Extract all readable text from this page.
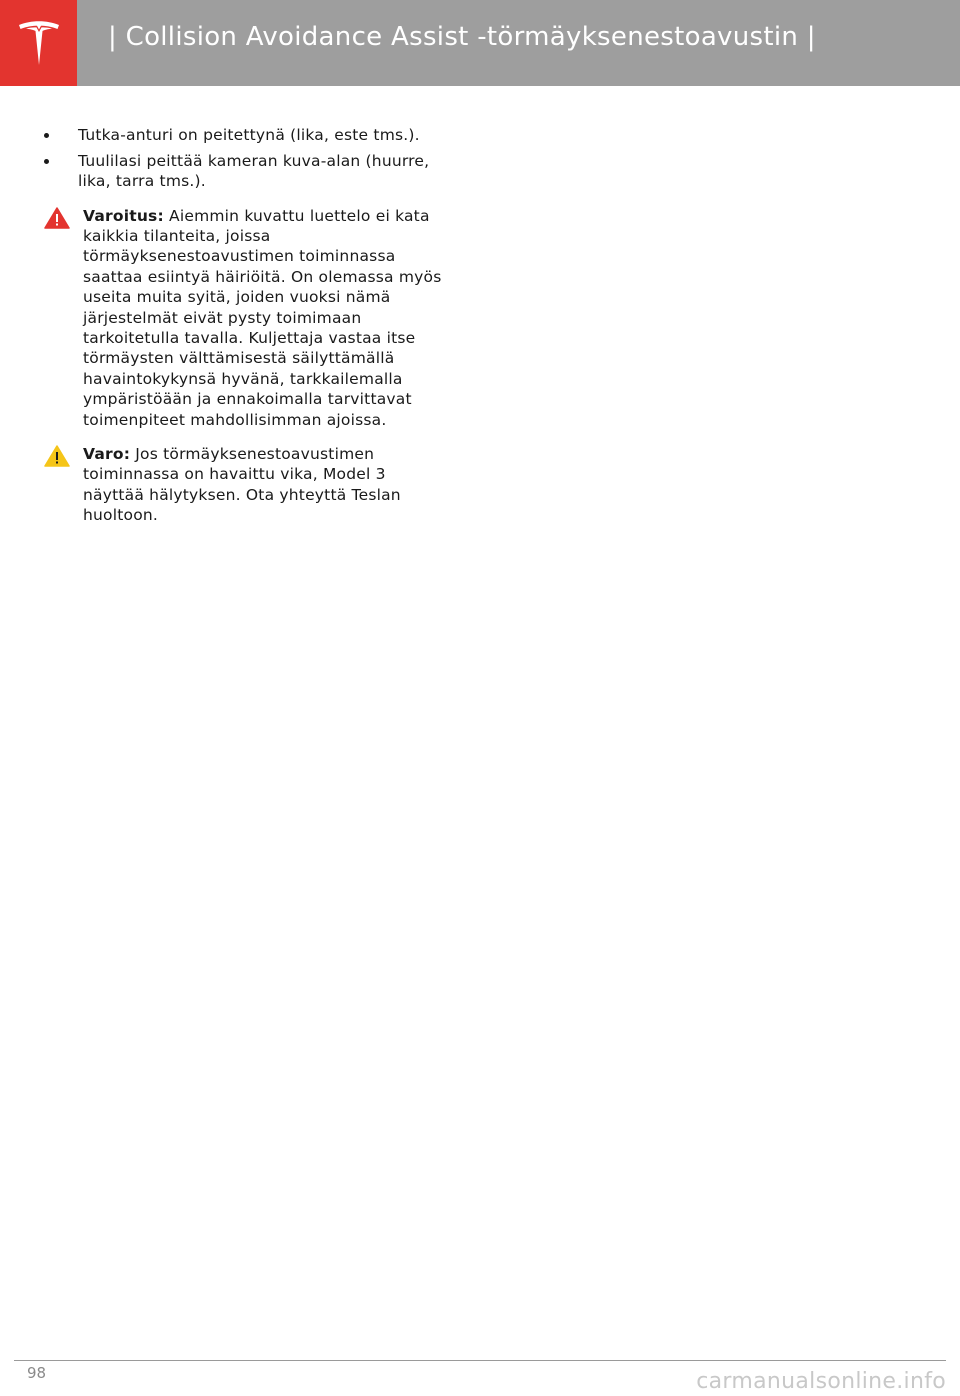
| Collision Avoidance Assist -törmäyksenestoavustin |
Tutka-anturi on peitettynä (lika, este tms.).
Tuulilasi peittää kameran kuva-alan (huurre, lika, tarra tms.).

Varoitus: Aiemmin kuvattu luettelo ei kata kaikkia tilanteita, joissa törmäyksenestoavustimen toiminnassa saattaa esiintyä häiriöitä. On olemassa myös useita muita syitä, joiden vuoksi nämä järjestelmät eivät pysty toimimaan tarkoitetulla tavalla. Kuljettaja vastaa itse törmäysten välttämisestä säilyttämällä havaintokykynsä hyvänä, tarkkailemalla ympäristöään ja ennakoimalla tarvittavat toimenpiteet mahdollisimman ajoissa.

Varo: Jos törmäyksenestoavustimen toiminnassa on havaittu vika, Model 3 näyttää hälytyksen. Ota yhteyttä Teslan huoltoon.

98	carmanualsonline.info
